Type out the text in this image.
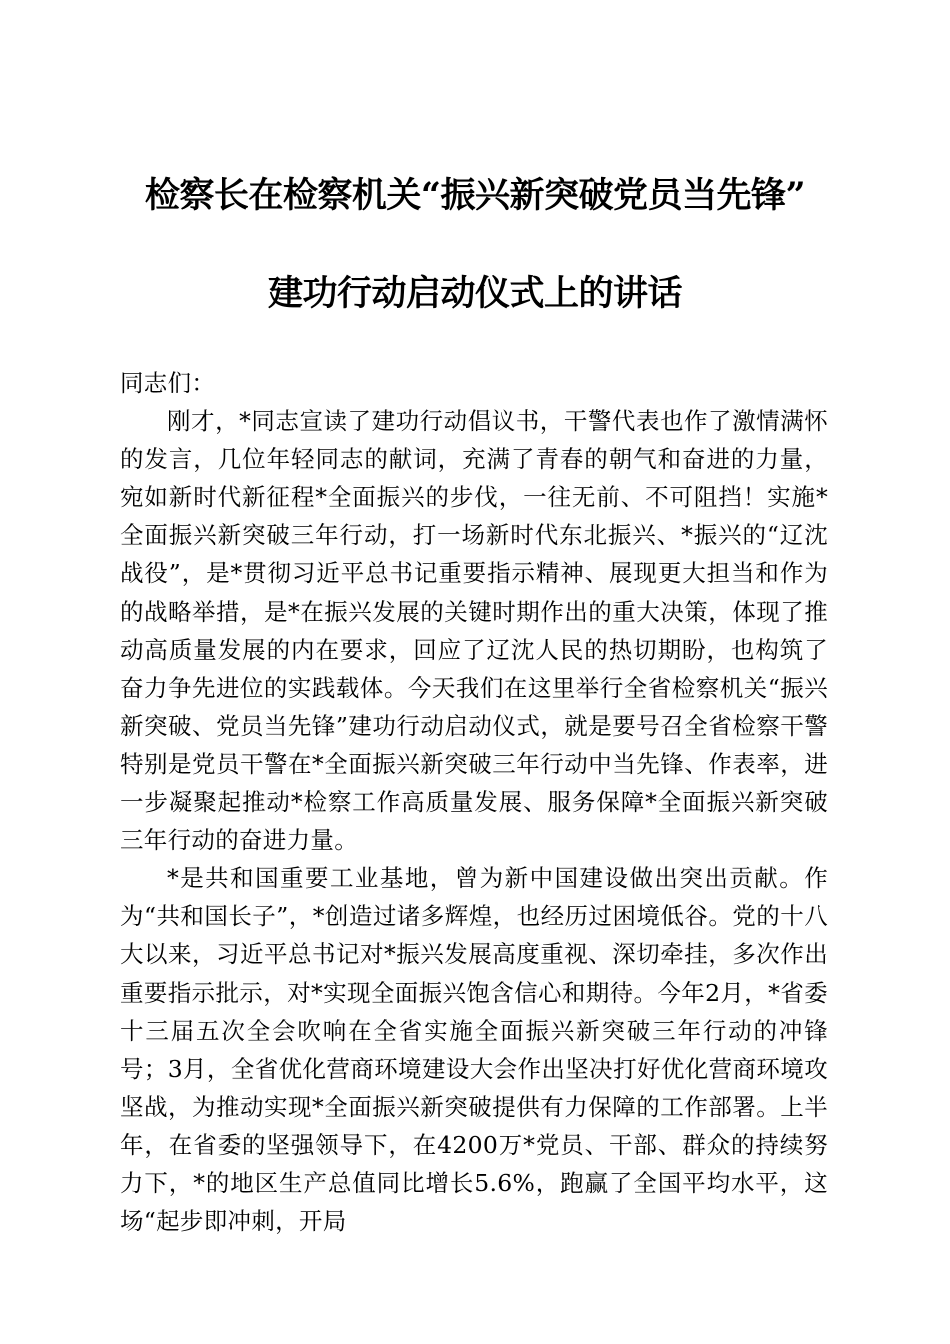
检察长在检察机关“振兴新突破党员当先锋”
建功行动启动仪式上的讲话

同志们：

刚才，*同志宣读了建功行动倡议书，干警代表也作了激情满怀的发言，几位年轻同志的献词，充满了青春的朝气和奋进的力量，宛如新时代新征程*全面振兴的步伐，一往无前、不可阻挡！实施*全面振兴新突破三年行动，打一场新时代东北振兴、*振兴的“辽沈战役”，是*贯彻习近平总书记重要指示精神、展现更大担当和作为的战略举措，是*在振兴发展的关键时期作出的重大决策，体现了推动高质量发展的内在要求，回应了辽沈人民的热切期盼，也构筑了奋力争先进位的实践载体。今天我们在这里举行全省检察机关“振兴新突破、党员当先锋”建功行动启动仪式，就是要号召全省检察干警特别是党员干警在*全面振兴新突破三年行动中当先锋、作表率，进一步凝聚起推动*检察工作高质量发展、服务保障*全面振兴新突破三年行动的奋进力量。

*是共和国重要工业基地，曾为新中国建设做出突出贡献。作为“共和国长子”，*创造过诸多辉煌，也经历过困境低谷。党的十八大以来，习近平总书记对*振兴发展高度重视、深切牵挂，多次作出重要指示批示，对*实现全面振兴饱含信心和期待。今年2月，*省委十三届五次全会吹响在全省实施全面振兴新突破三年行动的冲锋号；3月，全省优化营商环境建设大会作出坚决打好优化营商环境攻坚战，为推动实现*全面振兴新突破提供有力保障的工作部署。上半年，在省委的坚强领导下，在4200万*党员、干部、群众的持续努力下，*的地区生产总值同比增长5.6%，跑赢了全国平均水平，这场“起步即冲刺，开局
